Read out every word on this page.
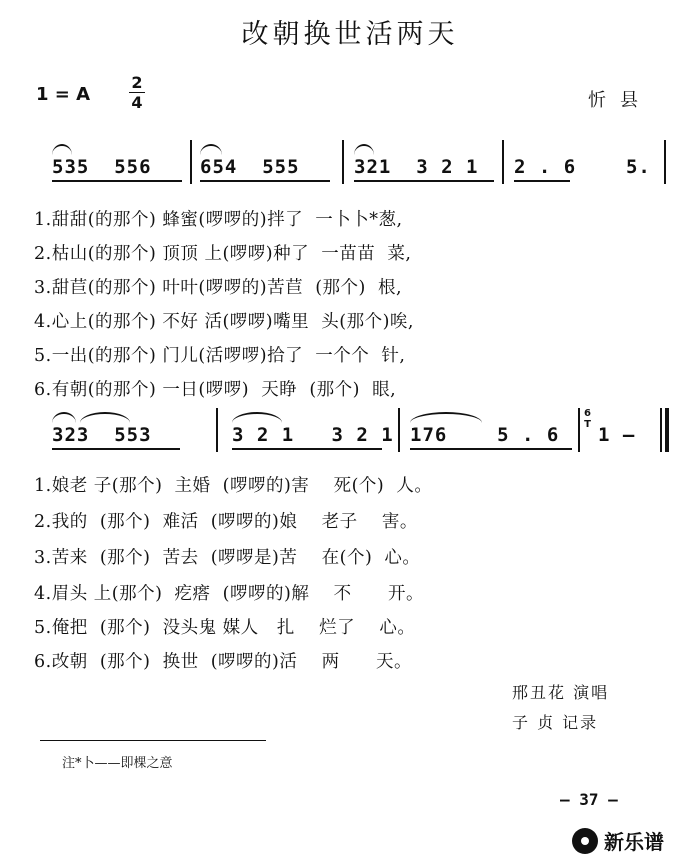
改朝换世活两天
1 = A
2
4	忻县
535  556	654  555	321  3 2 1 2 . 6    5.
1.甜甜(的那个) 蜂蜜(啰啰的)拌了  一卜卜*葱,
2.枯山(的那个) 顶顶 上(啰啰)种了  一苗苗  菜,
3.甜苣(的那个) 叶叶(啰啰的)苦苣  (那个)  根,
4.心上(的那个) 不好 活(啰啰)嘴里  头(那个)唉,
5.一出(的那个) 门儿(活啰啰)拾了  一个个  针,
6.有朝(的那个) 一日(啰啰)  天睁  (那个)  眼,
323  553	3 2 1   3 2 1 176    5 . 6
6
T 1 —
1.娘老 子(那个)  主婚  (啰啰的)害    死(个)  人。
2.我的  (那个)  难活  (啰啰的)娘    老子    害。
3.苦来  (那个)  苦去  (啰啰是)苦    在(个)  心。
4.眉头 上(那个)  疙瘩  (啰啰的)解    不      开。
5.俺把  (那个)  没头鬼 媒人   扎    烂了    心。
6.改朝  (那个)  换世  (啰啰的)活    两      天。
邢丑花 演唱
子 贞 记录
注*卜——即棵之意
— 37 —
新乐谱
